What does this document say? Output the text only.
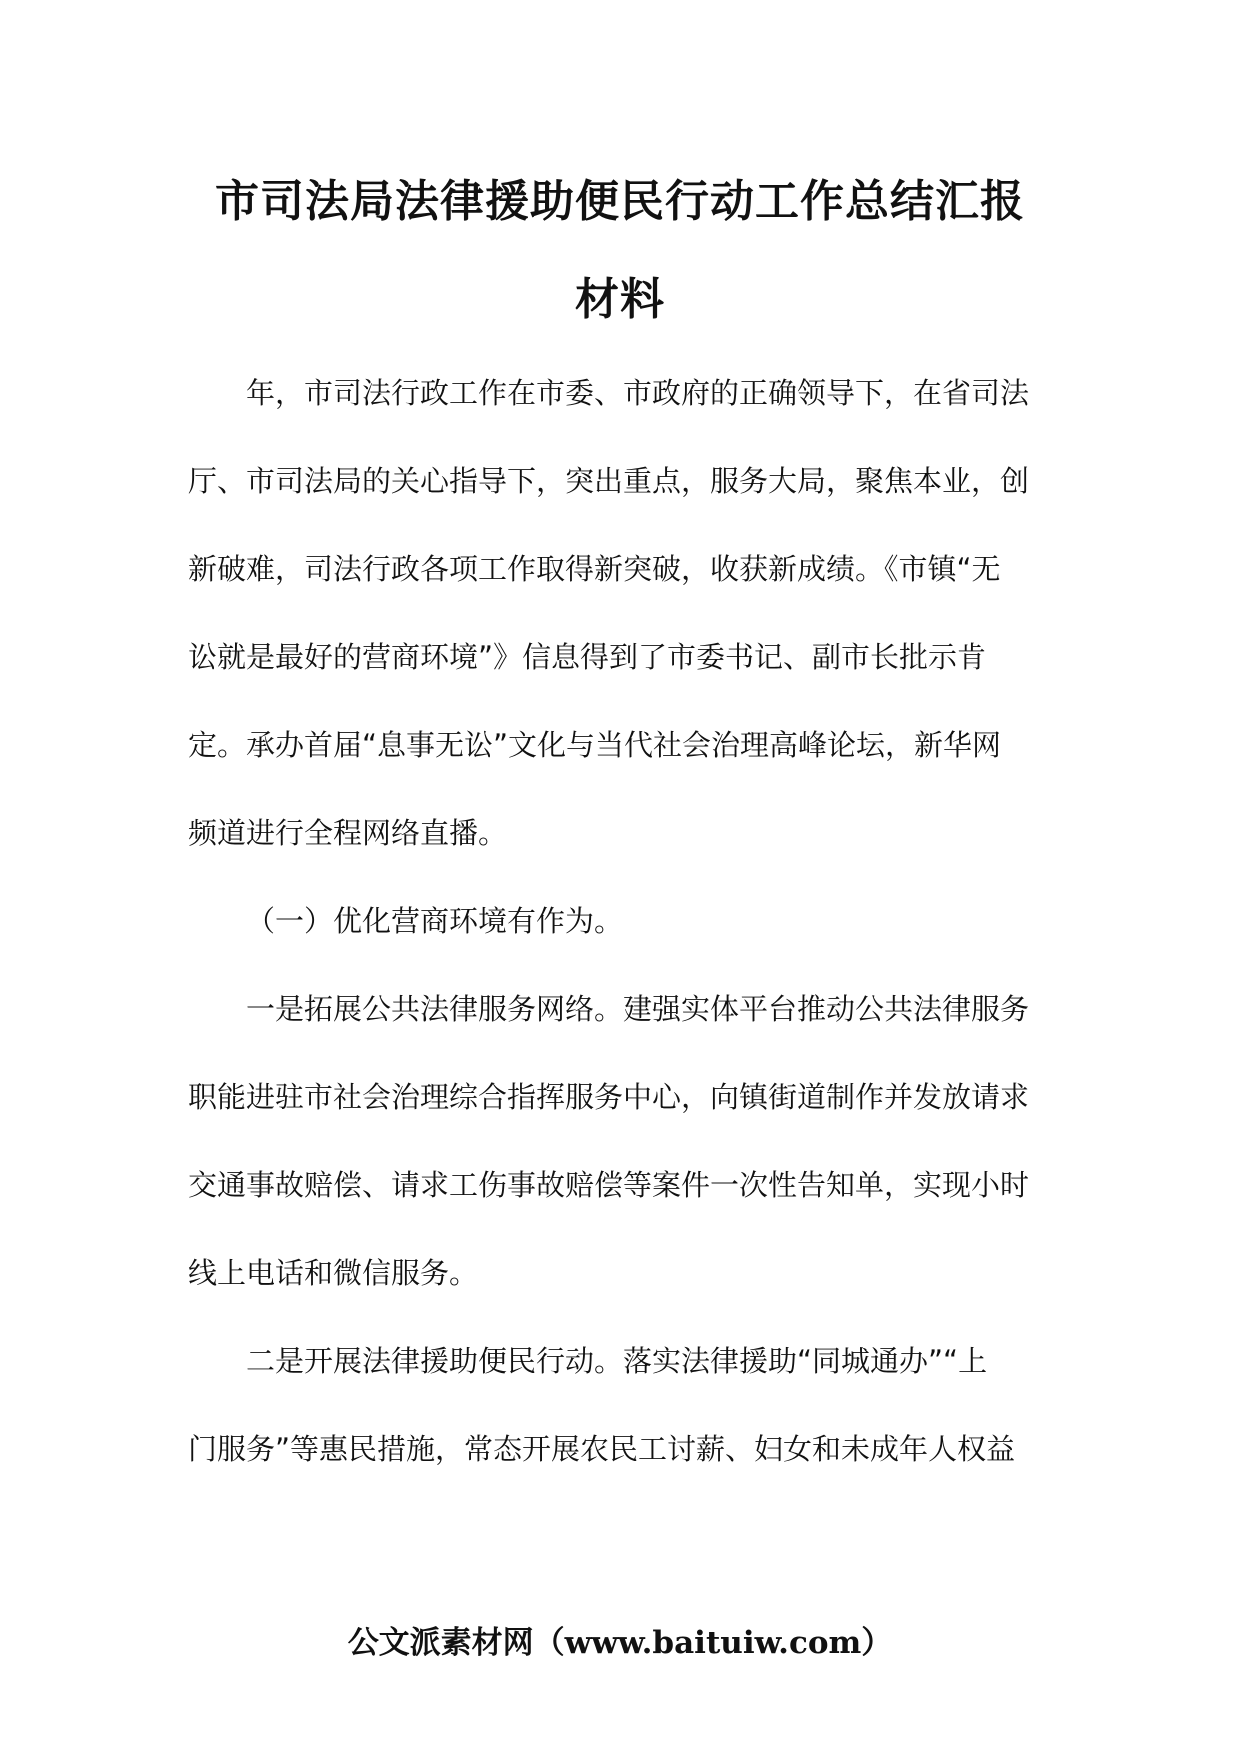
市司法局法律援助便民行动工作总结汇报
材料
年，市司法行政工作在市委、市政府的正确领导下，在省司法
厅、市司法局的关心指导下，突出重点，服务大局，聚焦本业，创
新破难，司法行政各项工作取得新突破，收获新成绩。《市镇“无
讼就是最好的营商环境”》信息得到了市委书记、副市长批示肯
定。承办首届“息事无讼”文化与当代社会治理高峰论坛，新华网
频道进行全程网络直播。
（一）优化营商环境有作为。
一是拓展公共法律服务网络。建强实体平台推动公共法律服务
职能进驻市社会治理综合指挥服务中心，向镇街道制作并发放请求
交通事故赔偿、请求工伤事故赔偿等案件一次性告知单，实现小时
线上电话和微信服务。
二是开展法律援助便民行动。落实法律援助“同城通办”“上
门服务”等惠民措施，常态开展农民工讨薪、妇女和未成年人权益
公文派素材网（www.baituiw.com）
